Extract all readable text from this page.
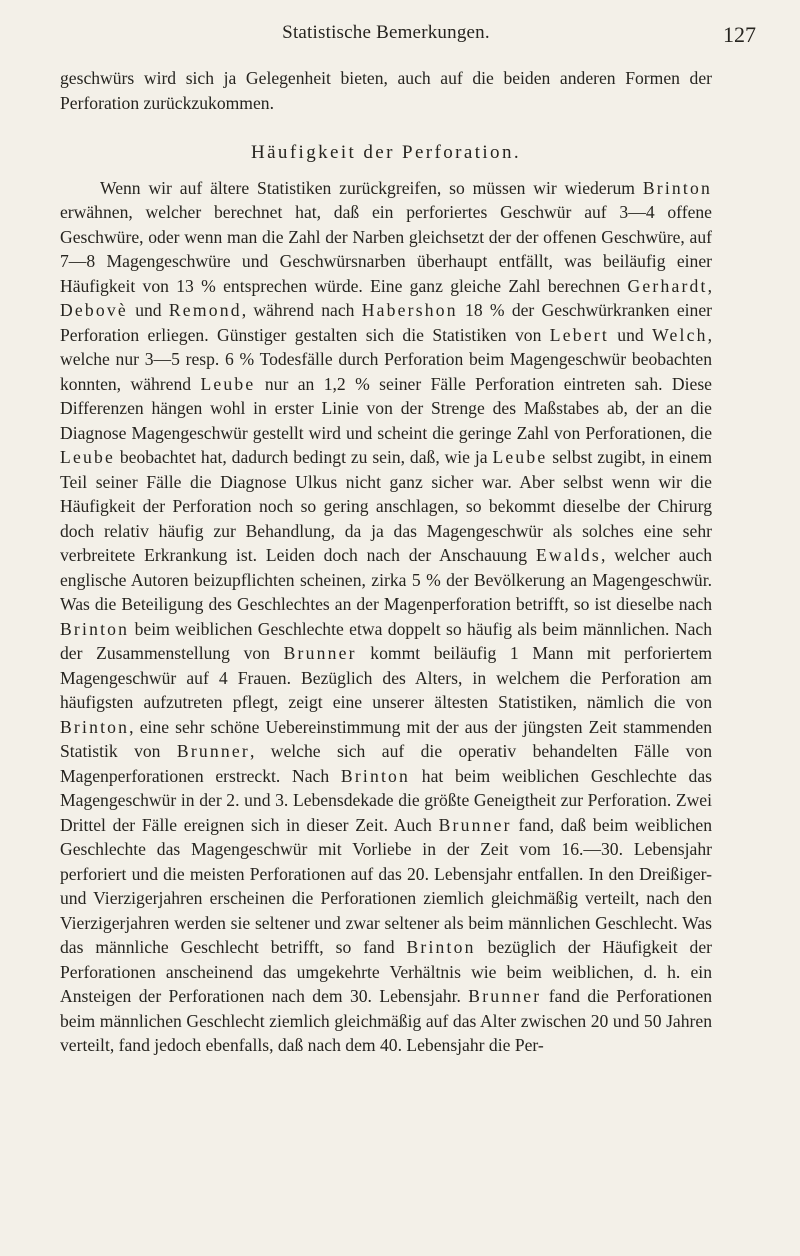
Statistische Bemerkungen.	127

geschwürs wird sich ja Gelegenheit bieten, auch auf die beiden anderen Formen der Perforation zurückzukommen.

Häufigkeit der Perforation.

Wenn wir auf ältere Statistiken zurückgreifen, so müssen wir wiederum Brinton erwähnen, welcher berechnet hat, daß ein perforiertes Geschwür auf 3—4 offene Geschwüre, oder wenn man die Zahl der Narben gleichsetzt der der offenen Geschwüre, auf 7—8 Magengeschwüre und Geschwürsnarben überhaupt entfällt, was beiläufig einer Häufigkeit von 13 % entsprechen würde. Eine ganz gleiche Zahl berechnen Gerhardt, Debovè und Remond, während nach Habershon 18 % der Geschwürkranken einer Perforation erliegen. Günstiger gestalten sich die Statistiken von Lebert und Welch, welche nur 3—5 resp. 6 % Todesfälle durch Perforation beim Magengeschwür beobachten konnten, während Leube nur an 1,2 % seiner Fälle Perforation eintreten sah. Diese Differenzen hängen wohl in erster Linie von der Strenge des Maßstabes ab, der an die Diagnose Magengeschwür gestellt wird und scheint die geringe Zahl von Perforationen, die Leube beobachtet hat, dadurch bedingt zu sein, daß, wie ja Leube selbst zugibt, in einem Teil seiner Fälle die Diagnose Ulkus nicht ganz sicher war. Aber selbst wenn wir die Häufigkeit der Perforation noch so gering anschlagen, so bekommt dieselbe der Chirurg doch relativ häufig zur Behandlung, da ja das Magengeschwür als solches eine sehr verbreitete Erkrankung ist. Leiden doch nach der Anschauung Ewalds, welcher auch englische Autoren beizupflichten scheinen, zirka 5 % der Bevölkerung an Magengeschwür. Was die Beteiligung des Geschlechtes an der Magenperforation betrifft, so ist dieselbe nach Brinton beim weiblichen Geschlechte etwa doppelt so häufig als beim männlichen. Nach der Zusammenstellung von Brunner kommt beiläufig 1 Mann mit perforiertem Magengeschwür auf 4 Frauen. Bezüglich des Alters, in welchem die Perforation am häufigsten aufzutreten pflegt, zeigt eine unserer ältesten Statistiken, nämlich die von Brinton, eine sehr schöne Uebereinstimmung mit der aus der jüngsten Zeit stammenden Statistik von Brunner, welche sich auf die operativ behandelten Fälle von Magenperforationen erstreckt. Nach Brinton hat beim weiblichen Geschlechte das Magengeschwür in der 2. und 3. Lebensdekade die größte Geneigtheit zur Perforation. Zwei Drittel der Fälle ereignen sich in dieser Zeit. Auch Brunner fand, daß beim weiblichen Geschlechte das Magengeschwür mit Vorliebe in der Zeit vom 16.—30. Lebensjahr perforiert und die meisten Perforationen auf das 20. Lebensjahr entfallen. In den Dreißiger- und Vierzigerjahren erscheinen die Perforationen ziemlich gleichmäßig verteilt, nach den Vierzigerjahren werden sie seltener und zwar seltener als beim männlichen Geschlecht. Was das männliche Geschlecht betrifft, so fand Brinton bezüglich der Häufigkeit der Perforationen anscheinend das umgekehrte Verhältnis wie beim weiblichen, d. h. ein Ansteigen der Perforationen nach dem 30. Lebensjahr. Brunner fand die Perforationen beim männlichen Geschlecht ziemlich gleichmäßig auf das Alter zwischen 20 und 50 Jahren verteilt, fand jedoch ebenfalls, daß nach dem 40. Lebensjahr die Per-
